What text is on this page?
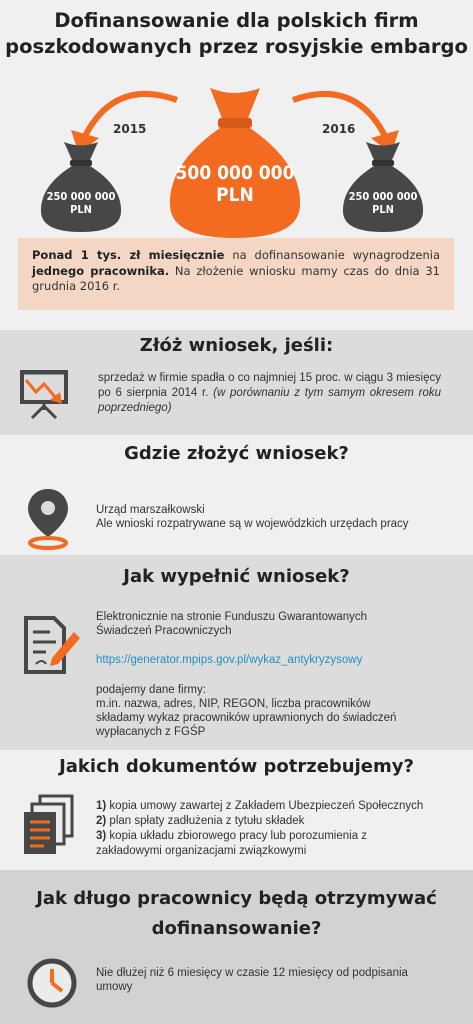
Dofinansowanie dla polskich firm
poszkodowanych przez rosyjskie embargo
2015	2016
500 000 000
PLN
250 000 000
PLN
250 000 000
PLN
Ponad 1 tys. zł miesięcznie na dofinansowanie wynagrodzenia jednego pracownika. Na złożenie wniosku mamy czas do dnia 31 grudnia 2016 r.
Złóż wniosek, jeśli:
sprzedaż w firmie spadła o co najmniej 15 proc. w ciągu 3 miesięcy po 6 sierpnia 2014 r. (w porównaniu z tym samym okresem roku poprzedniego)
Gdzie złożyć wniosek?
Urząd marszałkowski
Ale wnioski rozpatrywane są w wojewódzkich urzędach pracy
Jak wypełnić wniosek?
Elektronicznie na stronie Funduszu Gwarantowanych
Świadczeń Pracowniczych
https://generator.mpips.gov.pl/wykaz_antykryzysowy
podajemy dane firmy:
m.in. nazwa, adres, NIP, REGON, liczba pracowników
składamy wykaz pracowników uprawnionych do świadczeń
wypłacanych z FGŚP
Jakich dokumentów potrzebujemy?
1) kopia umowy zawartej z Zakładem Ubezpieczeń Społecznych
2) plan spłaty zadłużenia z tytułu składek
3) kopia układu zbiorowego pracy lub porozumienia z
zakładowymi organizacjami związkowymi
Jak długo pracownicy będą otrzymywać
dofinansowanie?
Nie dłużej niż 6 miesięcy w czasie 12 miesięcy od podpisania
umowy
